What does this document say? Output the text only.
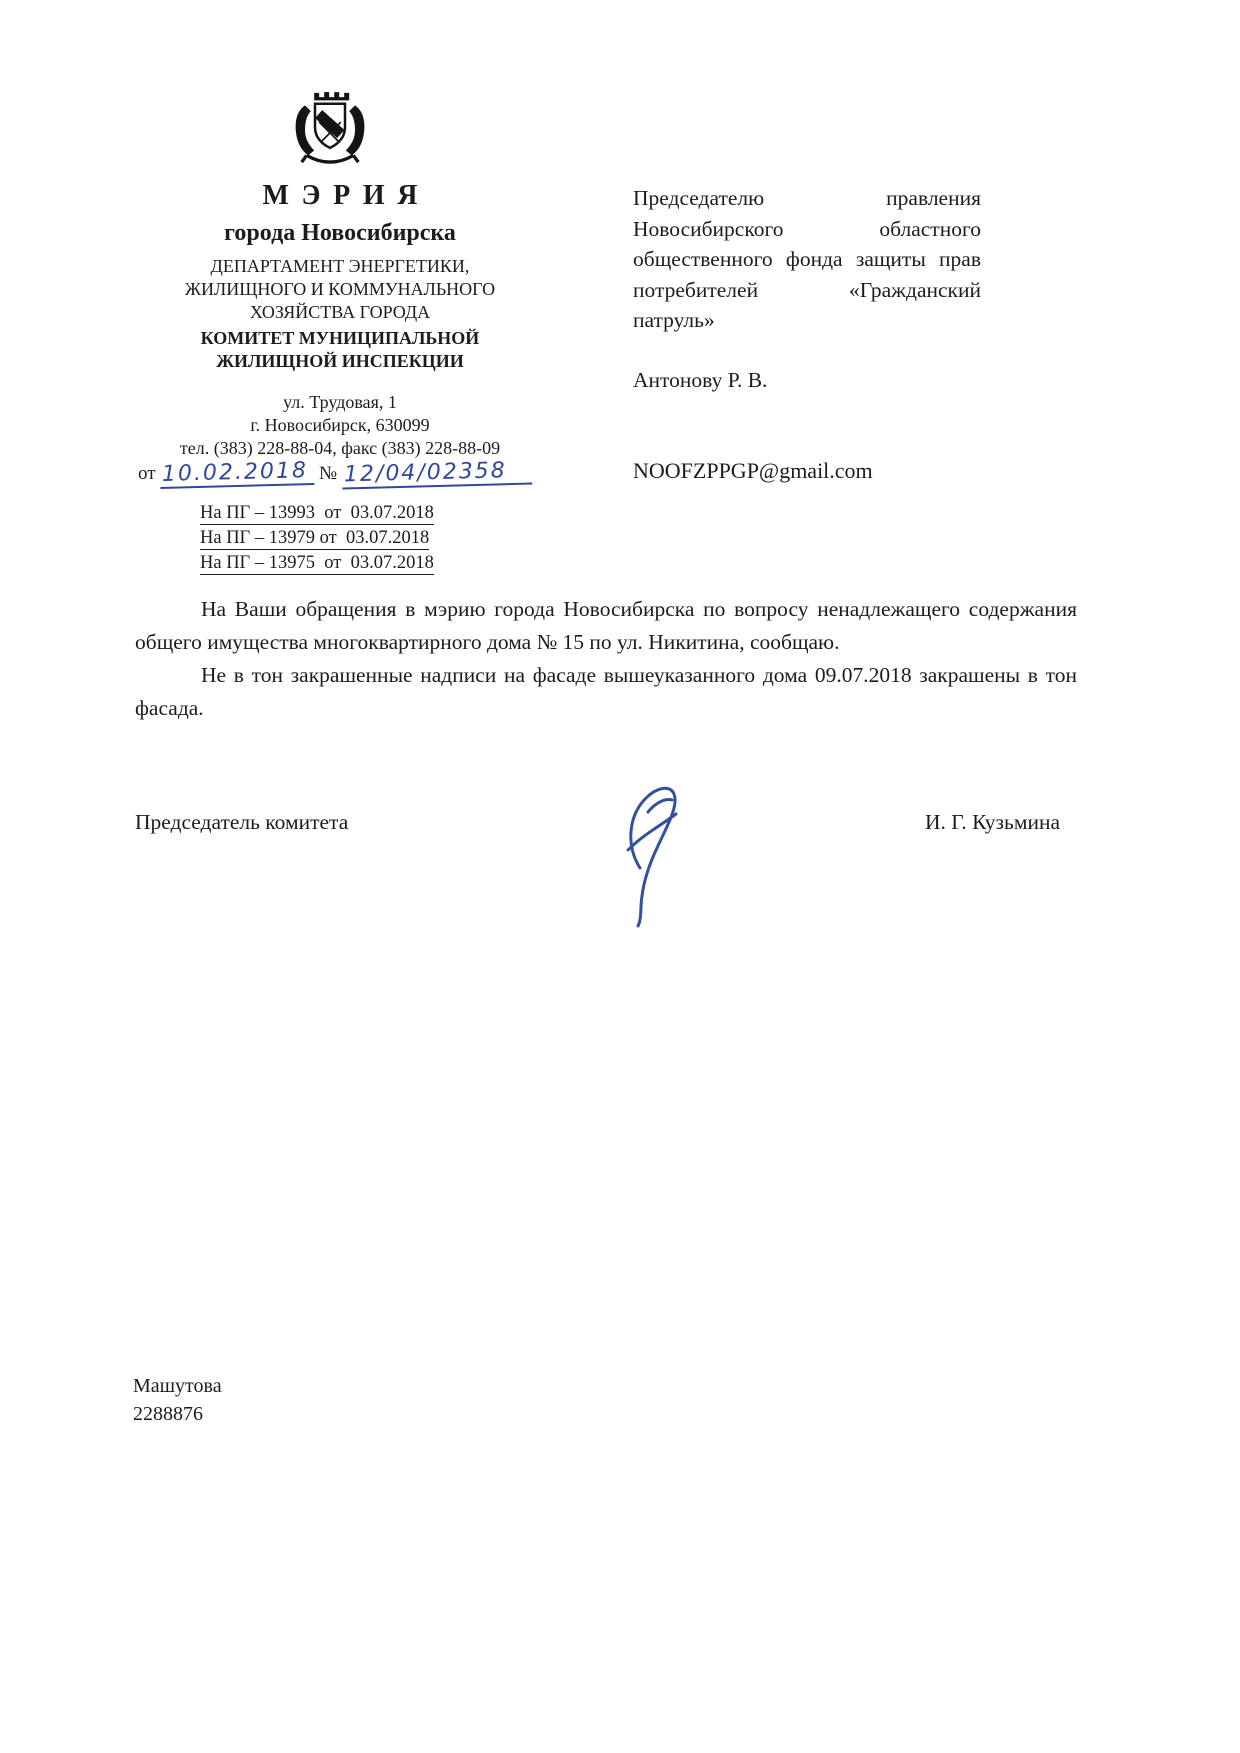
МЭРИЯ
города Новосибирска
ДЕПАРТАМЕНТ ЭНЕРГЕТИКИ,
ЖИЛИЩНОГО И КОММУНАЛЬНОГО
ХОЗЯЙСТВА ГОРОДА
КОМИТЕТ МУНИЦИПАЛЬНОЙ
ЖИЛИЩНОЙ ИНСПЕКЦИИ
ул. Трудовая, 1
г. Новосибирск, 630099
тел. (383) 228-88-04, факс (383) 228-88-09
от 10.02.2018 № 12/04/02358
На ПГ – 13993  от  03.07.2018
На ПГ – 13979 от  03.07.2018
На ПГ – 13975  от  03.07.2018
Председателю правления Новосибирского областного общественного фонда защиты прав потребителей «Гражданский патруль»
Антонову Р. В.
NOOFZPPGP@gmail.com

На Ваши обращения в мэрию города Новосибирска по вопросу ненадлежащего содержания общего имущества многоквартирного дома № 15 по ул. Никитина, сообщаю.

Не в тон закрашенные надписи на фасаде вышеуказанного дома 09.07.2018 закрашены в тон фасада.

Председатель комитета	И. Г. Кузьмина
Машутова
2288876
